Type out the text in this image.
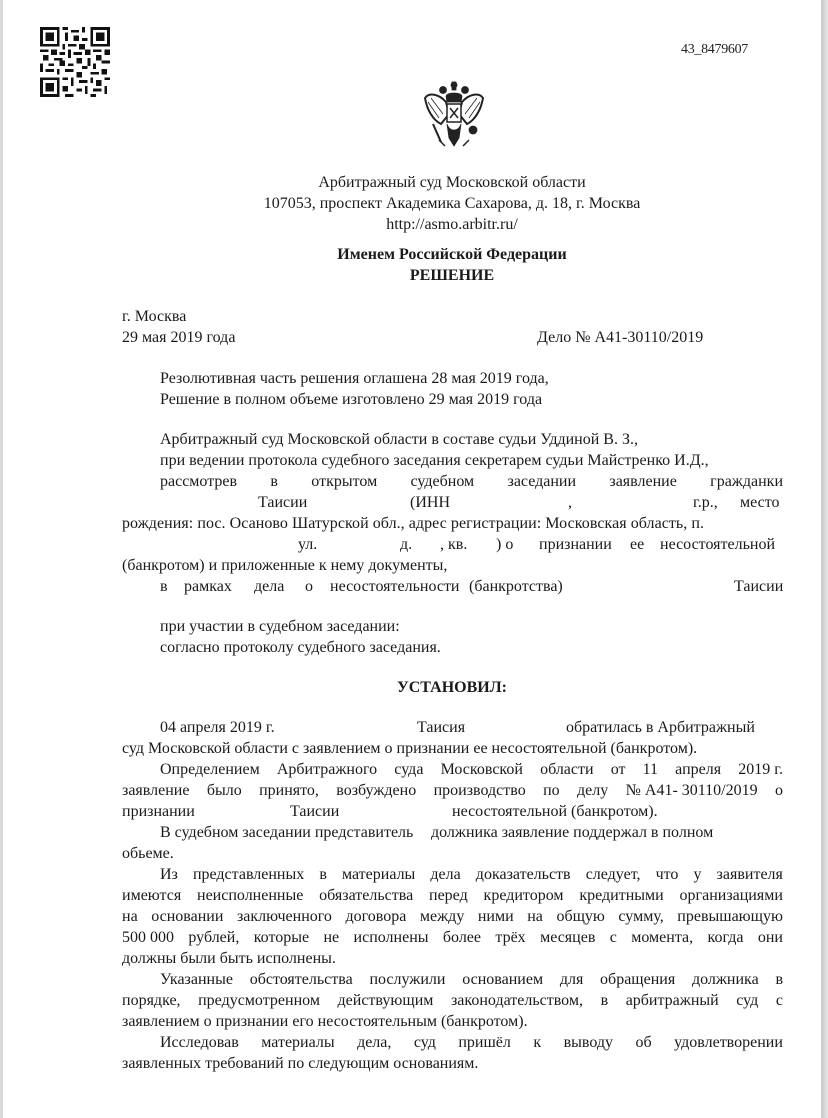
43_8479607
Арбитражный суд Московской области
107053, проспект Академика Сахарова, д. 18, г. Москва
http://asmo.arbitr.ru/
Именем Российской Федерации
РЕШЕНИЕ
г. Москва
29 мая 2019 года	Дело № А41-30110/2019
Резолютивная часть решения оглашена 28 мая 2019 года,
Решение в полном объеме изготовлено 29 мая 2019 года
Арбитражный суд Московской области в составе судьи Уддиной В. З.,
при ведении протокола судебного заседания секретарем судьи Майстренко И.Д.,
рассмотрев в открытом судебном заседании заявление гражданки
Таисии	(ИНН	,	г.р., место
рождения: пос. Осаново Шатурской обл., адрес регистрации: Московская область, п.
ул.	д. , кв. ) о признании ее несостоятельной
(банкротом) и приложенные к нему документы,
в рамках дела о несостоятельности (банкротства)	Таисии
при участии в судебном заседании:
согласно протоколу судебного заседания.
УСТАНОВИЛ:
04 апреля 2019 г.	Таисия	обратилась в Арбитражный
суд Московской области с заявлением о признании ее несостоятельной (банкротом).
Определением Арбитражного суда Московской области от 11 апреля 2019 г.
заявление было принято, возбуждено производство по делу № А41- 30110/2019 о
признании	Таисии	несостоятельной (банкротом).
В судебном заседании представитель должника заявление поддержал в полном
обьеме.
Из представленных в материалы дела доказательств следует, что у заявителя
имеются неисполненные обязательства перед кредитором кредитными организациями
на основании заключенного договора между ними на общую сумму, превышающую
500 000 рублей, которые не исполнены более трёх месяцев с момента, когда они
должны были быть исполнены.
Указанные обстоятельства послужили основанием для обращения должника в
порядке, предусмотренном действующим законодательством, в арбитражный суд с
заявлением о признании его несостоятельным (банкротом).
Исследовав материалы дела, суд пришёл к выводу об удовлетворении
заявленных требований по следующим основаниям.
